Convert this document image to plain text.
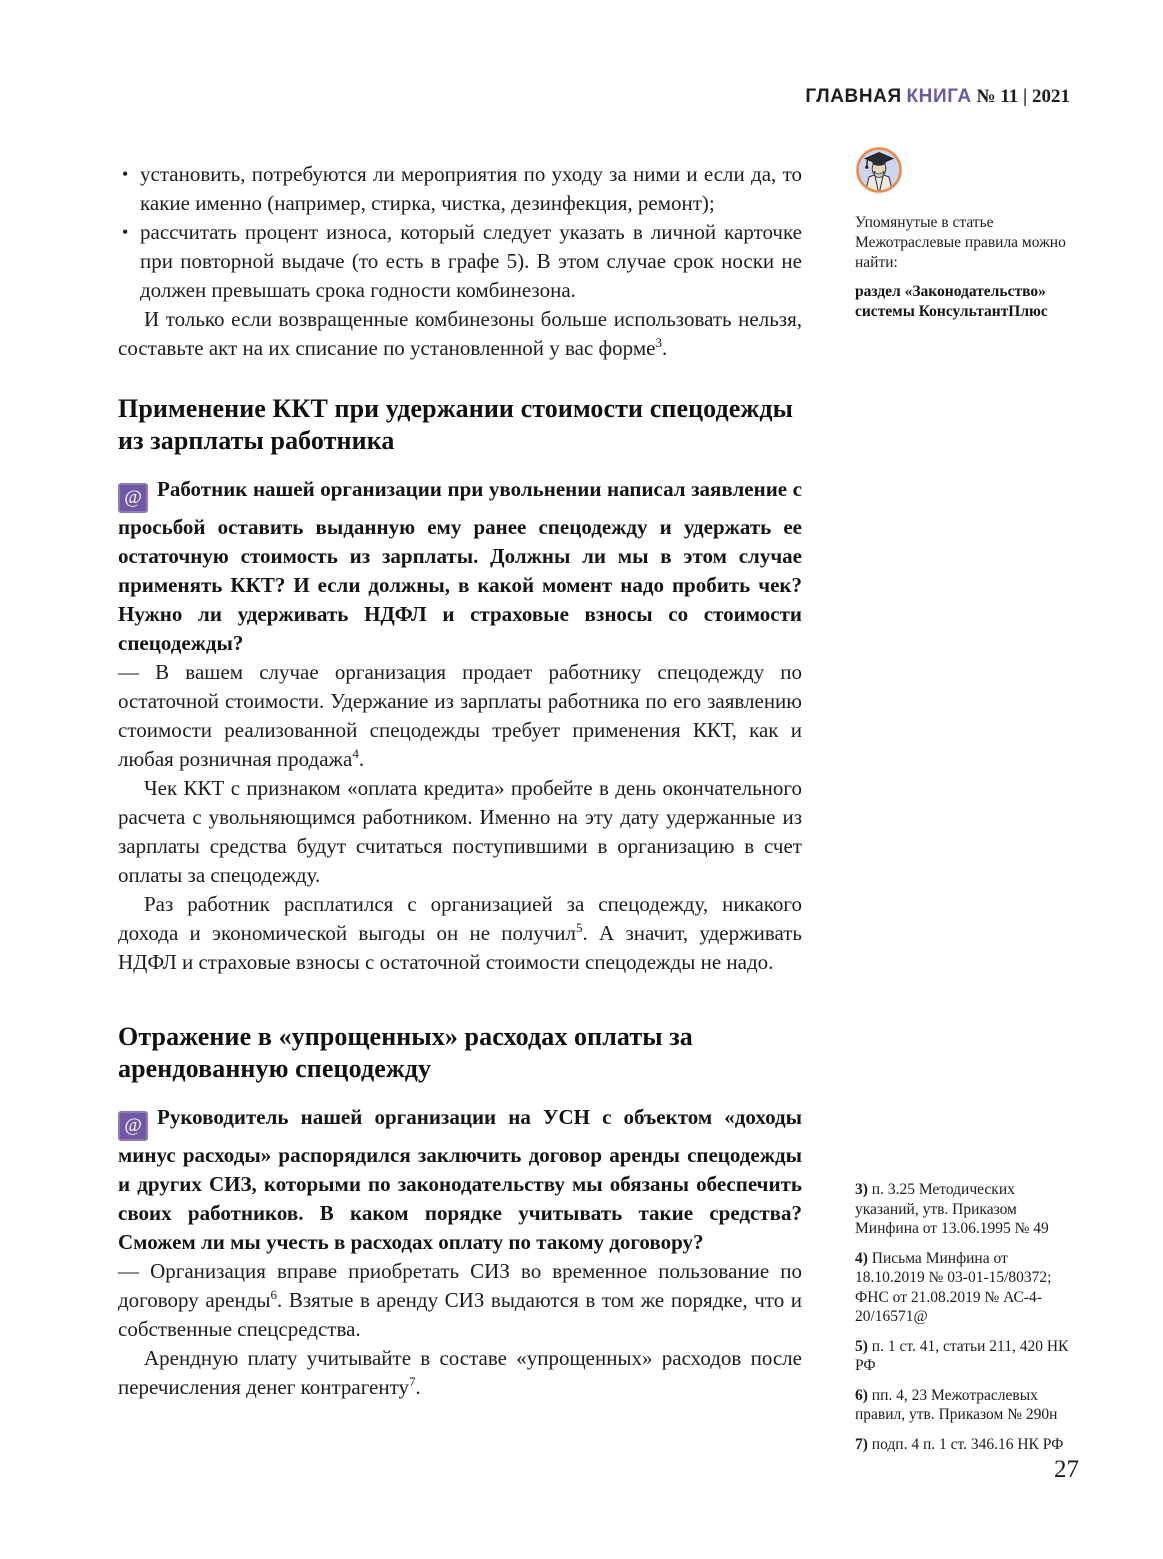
ГЛАВНАЯ КНИГА № 11 | 2021
• установить, потребуются ли мероприятия по уходу за ними и если да, то какие именно (например, стирка, чистка, дезинфекция, ремонт);
• рассчитать процент износа, который следует указать в личной карточке при повторной выдаче (то есть в графе 5). В этом случае срок носки не должен превышать срока годности комбинезона.

И только если возвращенные комбинезоны больше использовать нельзя, составьте акт на их списание по установленной у вас форме$^3$.

Применение ККТ при удержании стоимости спецодежды из зарплаты работника

@ Работник нашей организации при увольнении написал заявление с просьбой оставить выданную ему ранее спецодежду и удержать ее остаточную стоимость из зарплаты. Должны ли мы в этом случае применять ККТ? И если должны, в какой момент надо пробить чек? Нужно ли удерживать НДФЛ и страховые взносы со стоимости спецодежды?

— В вашем случае организация продает работнику спецодежду по остаточной стоимости. Удержание из зарплаты работника по его заявлению стоимости реализованной спецодежды требует применения ККТ, как и любая розничная продажа$^4$.

Чек ККТ с признаком «оплата кредита» пробейте в день окончательного расчета с увольняющимся работником. Именно на эту дату удержанные из зарплаты средства будут считаться поступившими в организацию в счет оплаты за спецодежду.

Раз работник расплатился с организацией за спецодежду, никакого дохода и экономической выгоды он не получил$^5$. А значит, удерживать НДФЛ и страховые взносы с остаточной стоимости спецодежды не надо.

Отражение в «упрощенных» расходах оплаты за арендованную спецодежду

@ Руководитель нашей организации на УСН с объектом «доходы минус расходы» распорядился заключить договор аренды спецодежды и других СИЗ, которыми по законодательству мы обязаны обеспечить своих работников. В каком порядке учитывать такие средства? Сможем ли мы учесть в расходах оплату по такому договору?

— Организация вправе приобретать СИЗ во временное пользование по договору аренды$^6$. Взятые в аренду СИЗ выдаются в том же порядке, что и собственные спецсредства.

Арендную плату учитывайте в составе «упрощенных» расходов после перечисления денег контрагенту$^7$.

Упомянутые в статье Межотраслевые правила можно найти:

раздел «Законодательство» системы КонсультантПлюс

3) п. 3.25 Методических указаний, утв. Приказом Минфина от 13.06.1995 № 49

4) Письма Минфина от 18.10.2019 № 03-01-15/80372; ФНС от 21.08.2019 № АС-4-20/16571@

5) п. 1 ст. 41, статьи 211, 420 НК РФ

6) пп. 4, 23 Межотраслевых правил, утв. Приказом № 290н

7) подп. 4 п. 1 ст. 346.16 НК РФ

27
